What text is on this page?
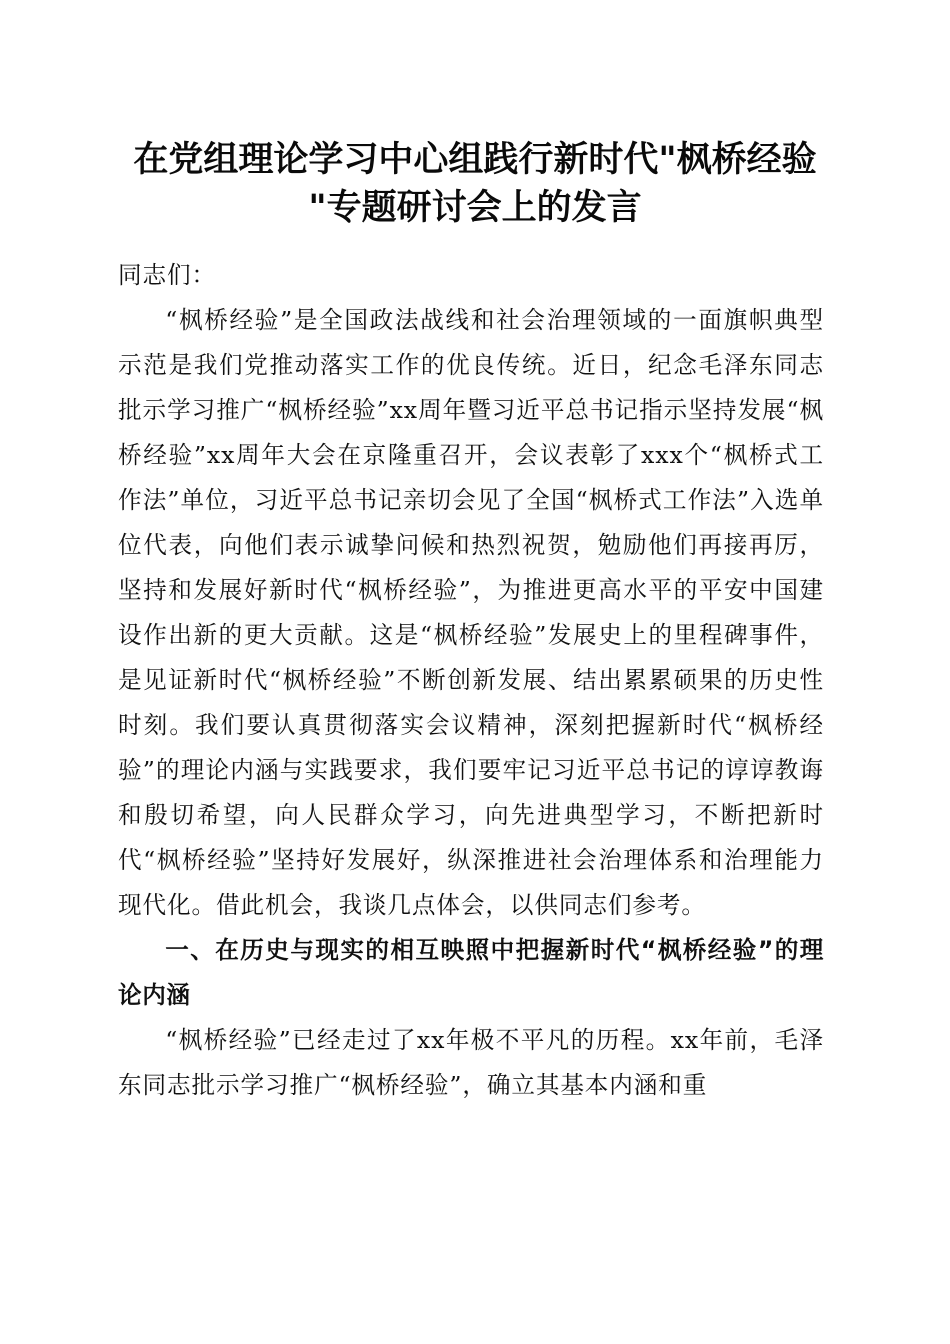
在党组理论学习中心组践行新时代"枫桥经验
"专题研讨会上的发言

同志们：

“枫桥经验”是全国政法战线和社会治理领域的一面旗帜典型示范是我们党推动落实工作的优良传统。近日，纪念毛泽东同志批示学习推广“枫桥经验”xx周年暨习近平总书记指示坚持发展“枫桥经验”xx周年大会在京隆重召开，会议表彰了xxx个“枫桥式工作法”单位，习近平总书记亲切会见了全国“枫桥式工作法”入选单位代表，向他们表示诚挚问候和热烈祝贺，勉励他们再接再厉，坚持和发展好新时代“枫桥经验”，为推进更高水平的平安中国建设作出新的更大贡献。这是“枫桥经验”发展史上的里程碑事件，是见证新时代“枫桥经验”不断创新发展、结出累累硕果的历史性时刻。我们要认真贯彻落实会议精神，深刻把握新时代“枫桥经验”的理论内涵与实践要求，我们要牢记习近平总书记的谆谆教诲和殷切希望，向人民群众学习，向先进典型学习，不断把新时代“枫桥经验”坚持好发展好，纵深推进社会治理体系和治理能力现代化。借此机会，我谈几点体会，以供同志们参考。

一、在历史与现实的相互映照中把握新时代“枫桥经验”的理论内涵

“枫桥经验”已经走过了xx年极不平凡的历程。xx年前，毛泽东同志批示学习推广“枫桥经验”，确立其基本内涵和重
